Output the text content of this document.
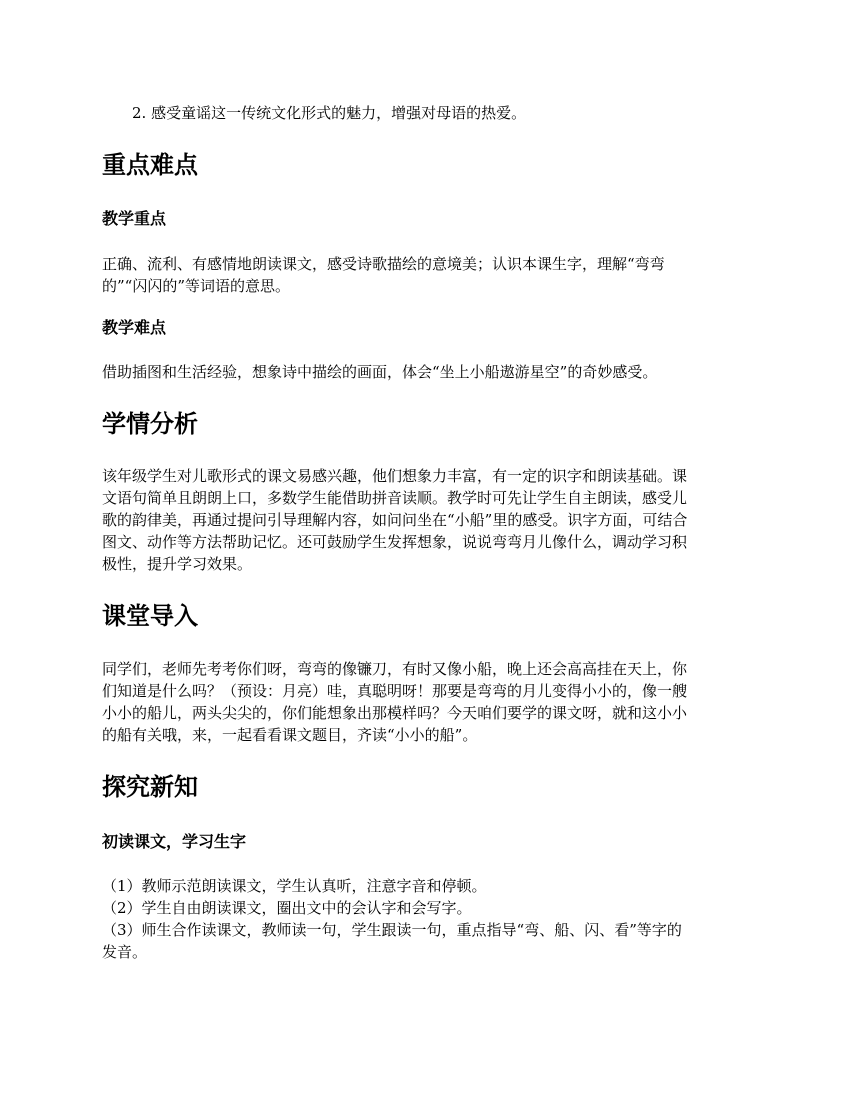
2. 感受童谣这一传统文化形式的魅力，增强对母语的热爱。
重点难点
教学重点
正确、流利、有感情地朗读课文，感受诗歌描绘的意境美；认识本课生字，理解“弯弯
的”“闪闪的”等词语的意思。
教学难点
借助插图和生活经验，想象诗中描绘的画面，体会“坐上小船遨游星空”的奇妙感受。
学情分析
该年级学生对儿歌形式的课文易感兴趣，他们想象力丰富，有一定的识字和朗读基础。课
文语句简单且朗朗上口，多数学生能借助拼音读顺。教学时可先让学生自主朗读，感受儿
歌的韵律美，再通过提问引导理解内容，如问问坐在“小船”里的感受。识字方面，可结合
图文、动作等方法帮助记忆。还可鼓励学生发挥想象，说说弯弯月儿像什么，调动学习积
极性，提升学习效果。
课堂导入
同学们，老师先考考你们呀，弯弯的像镰刀，有时又像小船，晚上还会高高挂在天上，你
们知道是什么吗？（预设：月亮）哇，真聪明呀！那要是弯弯的月儿变得小小的，像一艘
小小的船儿，两头尖尖的，你们能想象出那模样吗？今天咱们要学的课文呀，就和这小小
的船有关哦，来，一起看看课文题目，齐读“小小的船”。
探究新知
初读课文，学习生字
（1）教师示范朗读课文，学生认真听，注意字音和停顿。
（2）学生自由朗读课文，圈出文中的会认字和会写字。
（3）师生合作读课文，教师读一句，学生跟读一句，重点指导“弯、船、闪、看”等字的
发音。
